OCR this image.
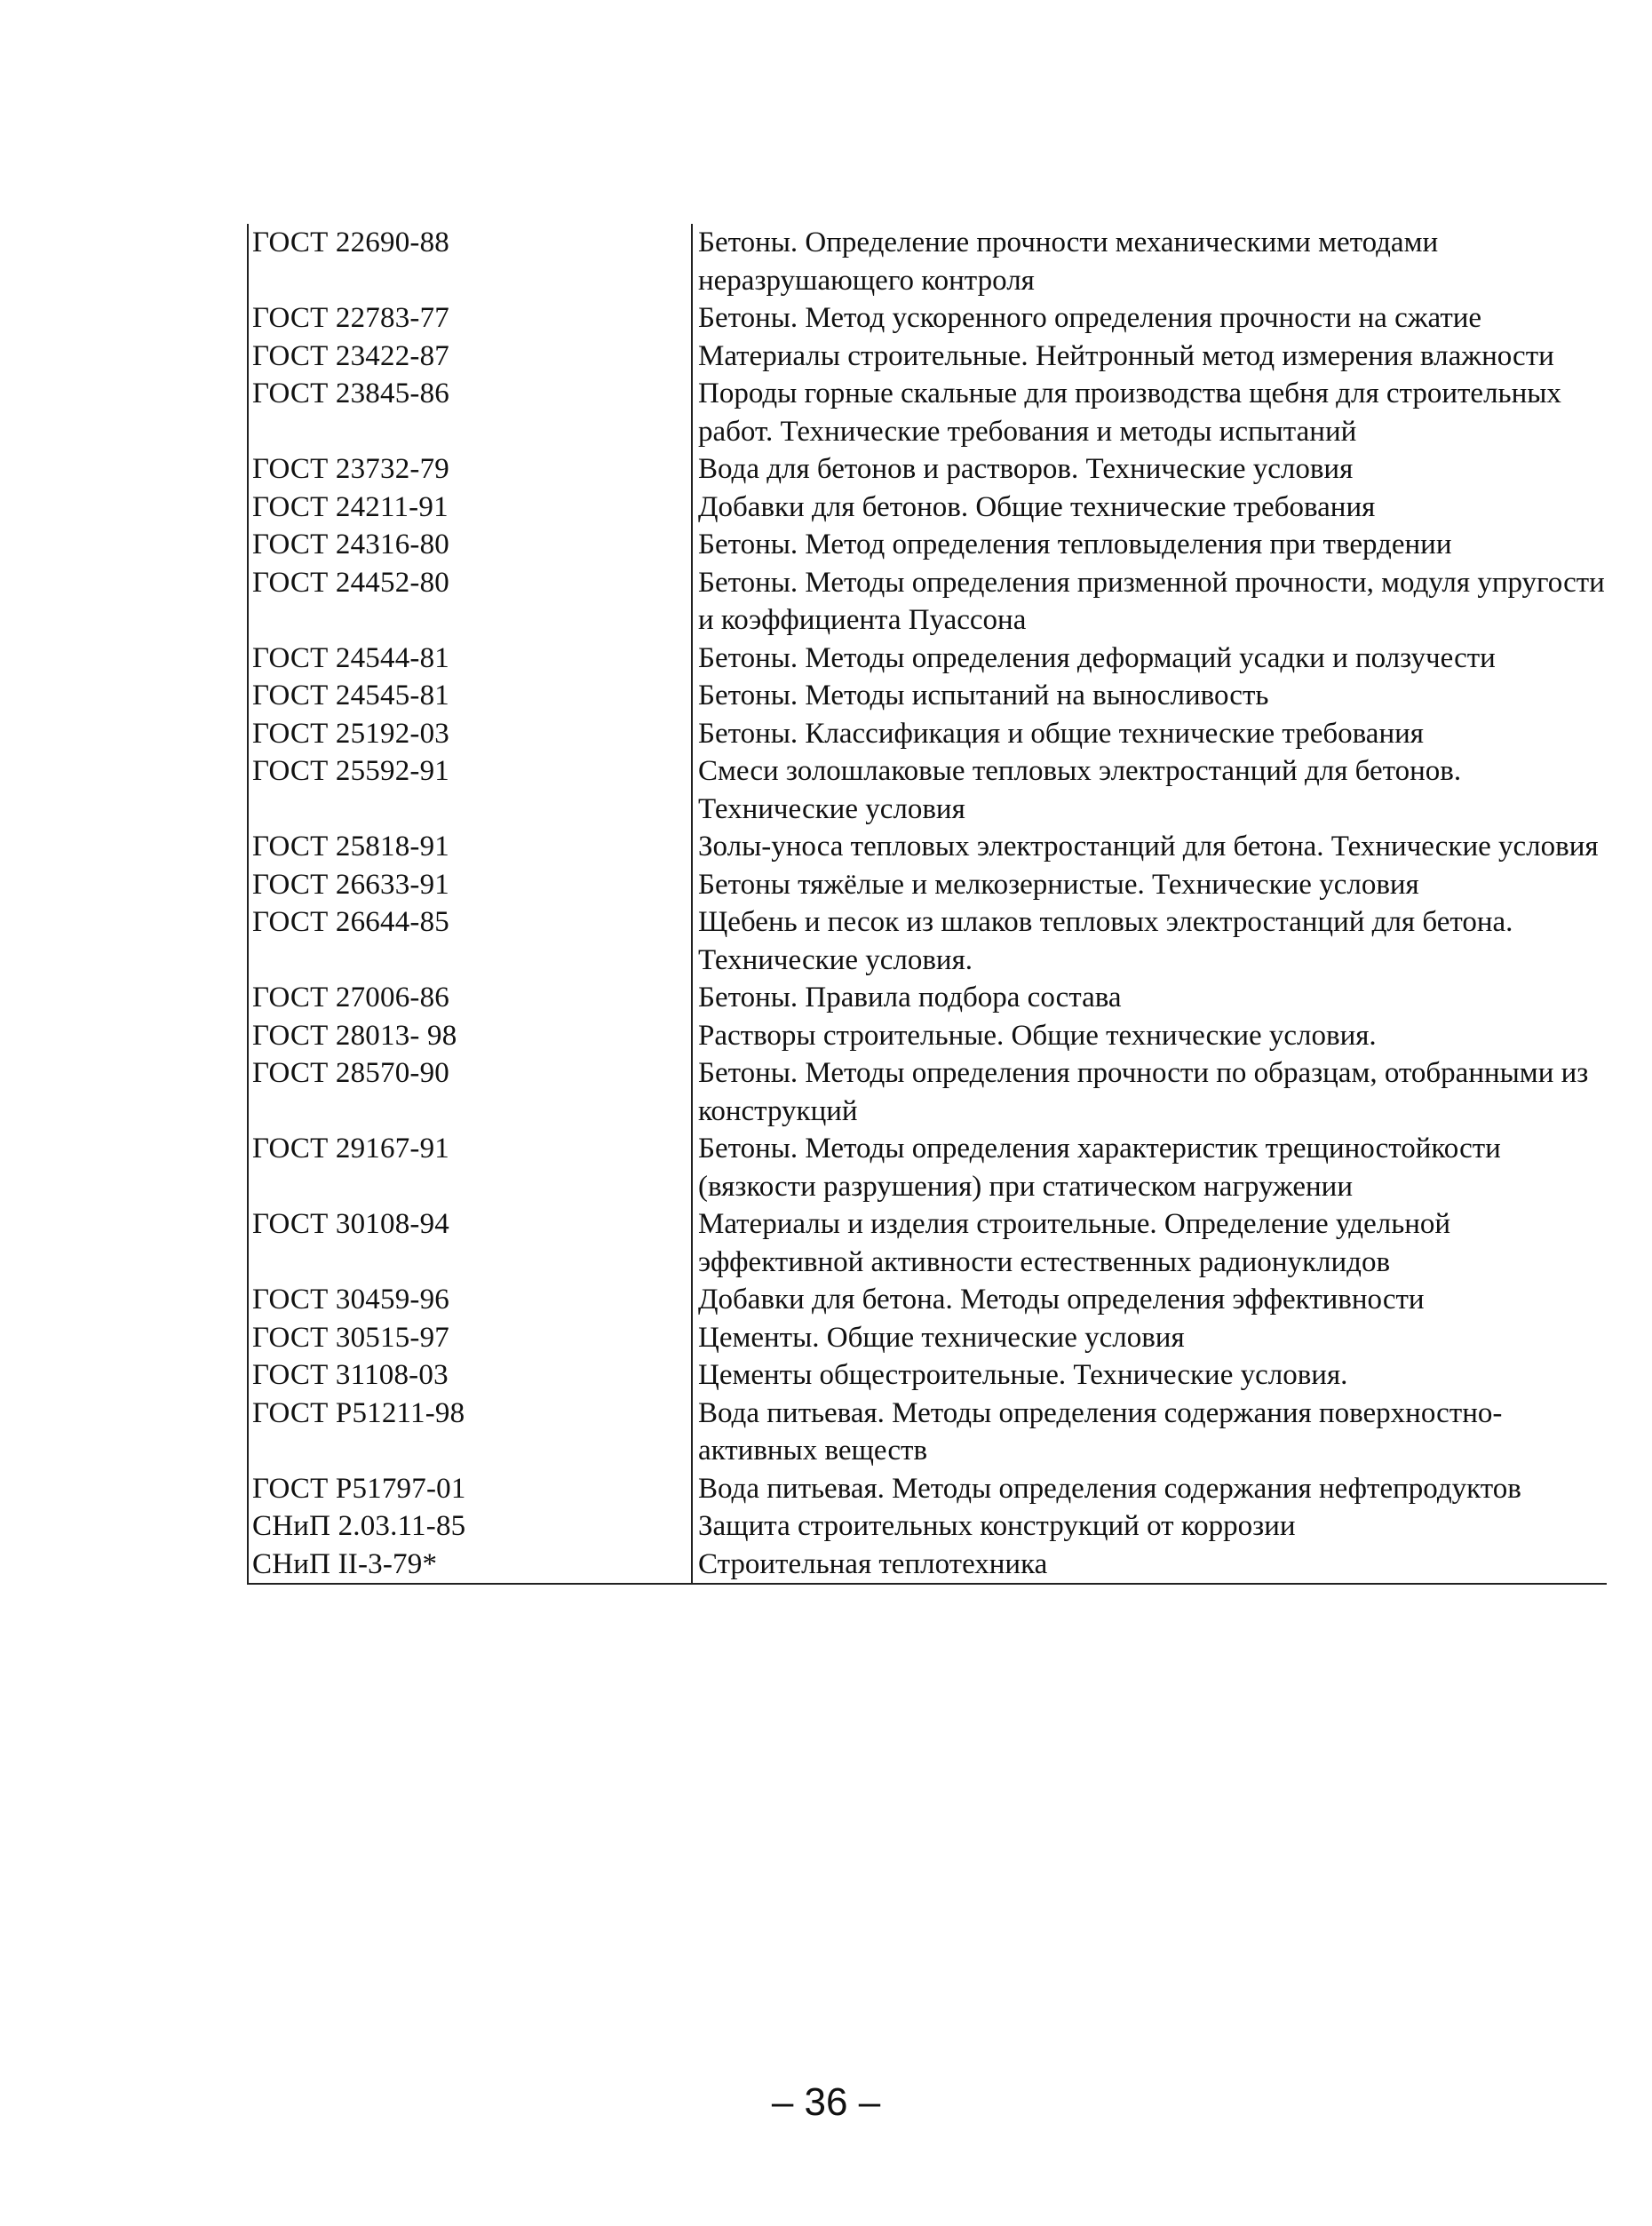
ГОСТ 22690-88	Бетоны. Определение прочности механическими методами неразрушающего контроля
ГОСТ 22783-77	Бетоны. Метод ускоренного определения прочности на сжатие
ГОСТ 23422-87	Материалы строительные. Нейтронный метод измерения влажности
ГОСТ 23845-86	Породы горные скальные для производства щебня для строительных работ. Технические требования и методы испытаний
ГОСТ 23732-79	Вода для бетонов и растворов. Технические условия
ГОСТ 24211-91	Добавки для бетонов. Общие технические требования
ГОСТ 24316-80	Бетоны. Метод определения тепловыделения при твердении
ГОСТ 24452-80	Бетоны. Методы определения призменной прочности, модуля упругости и коэффициента Пуассона
ГОСТ 24544-81	Бетоны. Методы определения деформаций усадки и ползучести
ГОСТ 24545-81	Бетоны. Методы испытаний на выносливость
ГОСТ 25192-03	Бетоны. Классификация и общие технические требования
ГОСТ 25592-91	Смеси золошлаковые тепловых электростанций для бетонов. Технические условия
ГОСТ 25818-91	Золы-уноса тепловых электростанций для бетона. Технические условия
ГОСТ 26633-91	Бетоны тяжёлые и мелкозернистые. Технические условия
ГОСТ 26644-85	Щебень и песок из шлаков тепловых электростанций для бетона. Технические условия.
ГОСТ 27006-86	Бетоны. Правила подбора состава
ГОСТ 28013- 98	Растворы строительные. Общие технические условия.
ГОСТ 28570-90	Бетоны. Методы определения прочности по образцам, отобранными из конструкций
ГОСТ 29167-91	Бетоны. Методы определения характеристик трещиностойкости (вязкости разрушения) при статическом нагружении
ГОСТ 30108-94	Материалы и изделия строительные. Определение удельной эффективной активности естественных радионуклидов
ГОСТ 30459-96	Добавки для бетона. Методы определения эффективности
ГОСТ 30515-97	Цементы. Общие технические условия
ГОСТ 31108-03	Цементы общестроительные. Технические условия.
ГОСТ Р51211-98	Вода питьевая. Методы определения содержания поверхностно-активных веществ
ГОСТ Р51797-01	Вода питьевая. Методы определения содержания нефтепродуктов
СНиП 2.03.11-85	Защита строительных конструкций от коррозии
СНиП II-3-79*	Строительная теплотехника
– 36 –
